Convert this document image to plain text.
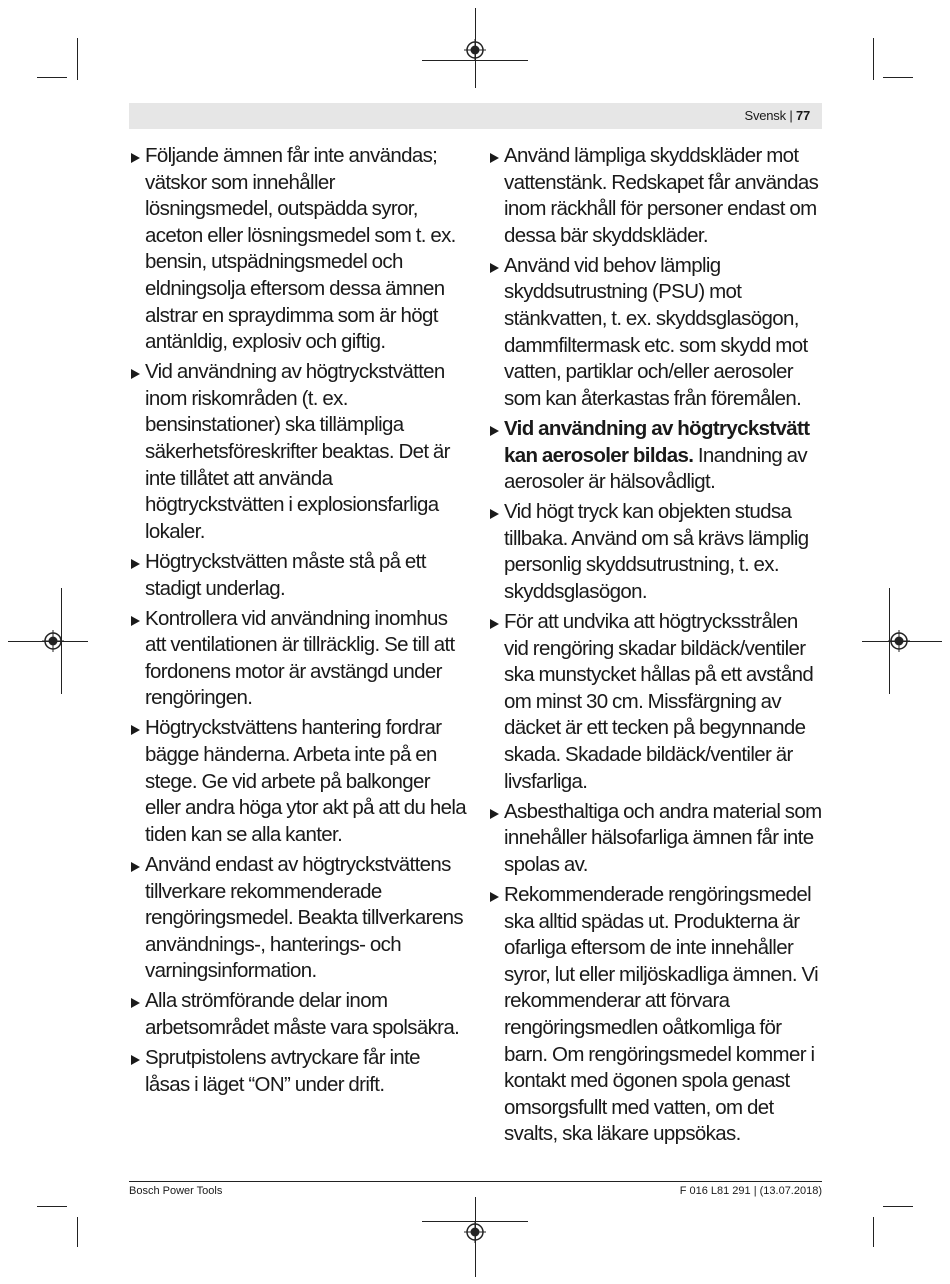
Svensk | 77
Följande ämnen får inte användas; vätskor som innehåller lösningsmedel, outspädda syror, aceton eller lösningsmedel som t. ex. bensin, utspädningsmedel och eldningsolja eftersom dessa ämnen alstrar en spraydimma som är högt antänldig, explosiv och giftig.
Vid användning av högtryckstvätten inom riskområden (t. ex. bensinstationer) ska tillämpliga säkerhetsföreskrifter beaktas. Det är inte tillåtet att använda högtryckstvätten i explosionsfarliga lokaler.
Högtryckstvätten måste stå på ett stadigt underlag.
Kontrollera vid användning inomhus att ventilationen är tillräcklig. Se till att fordonens motor är avstängd under rengöringen.
Högtryckstvättens hantering fordrar bägge händerna. Arbeta inte på en stege. Ge vid arbete på balkonger eller andra höga ytor akt på att du hela tiden kan se alla kanter.
Använd endast av högtryckstvättens tillverkare rekommenderade rengöringsmedel. Beakta tillverkarens användnings-, hanterings- och varningsinformation.
Alla strömförande delar inom arbetsområdet måste vara spolsäkra.
Sprutpistolens avtryckare får inte låsas i läget “ON” under drift.
Använd lämpliga skyddskläder mot vattenstänk. Redskapet får användas inom räckhåll för personer endast om dessa bär skyddskläder.
Använd vid behov lämplig skyddsutrustning (PSU) mot stänkvatten, t. ex. skyddsglasögon, dammfiltermask etc. som skydd mot vatten, partiklar och/eller aerosoler som kan återkastas från föremålen.
Vid användning av högtryckstvätt kan aerosoler bildas. Inandning av aerosoler är hälsovådligt.
Vid högt tryck kan objekten studsa tillbaka. Använd om så krävs lämplig personlig skyddsutrustning, t. ex. skyddsglasögon.
För att undvika att högtrycksstrålen vid rengöring skadar bildäck/ventiler ska munstycket hållas på ett avstånd om minst 30 cm. Missfärgning av däcket är ett tecken på begynnande skada. Skadade bildäck/ventiler är livsfarliga.
Asbesthaltiga och andra material som innehåller hälsofarliga ämnen får inte spolas av.
Rekommenderade rengöringsmedel ska alltid spädas ut. Produkterna är ofarliga eftersom de inte innehåller syror, lut eller miljöskadliga ämnen. Vi rekommenderar att förvara rengöringsmedlen oåtkomliga för barn. Om rengöringsmedel kommer i kontakt med ögonen spola genast omsorgsfullt med vatten, om det svalts, ska läkare uppsökas.
Bosch Power Tools	F 016 L81 291 | (13.07.2018)
